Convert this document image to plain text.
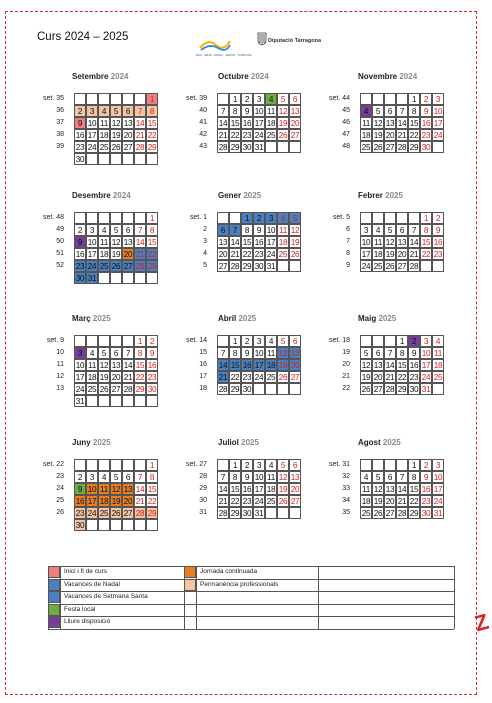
Curs 2024 – 2025
ESC. GRAF. JORDI · JESÚS · TORTOSA
Diputació Tarragona
Setembre 2024
set. 35
36
37
38
39
1
2 3 4 5 6 7 8
9 10 11 12 13 14 15
16 17 18 19 20 21 22
23 24 25 26 27 28 29
30
Octubre 2024
set. 39
40
41
42
43
1 2 3 4 5 6
7 8 9 10 11 12 13
14 15 16 17 18 19 20
21 22 23 24 25 26 27
28 29 30 31
Novembre 2024
set. 44
45
46
47
48
1 2 3
4 5 6 7 8 9 10
11 12 13 14 15 16 17
18 19 20 21 22 23 24
25 26 27 28 29 30
Desembre 2024
set. 48
49
50
51
52
1
2 3 4 5 6 7 8
9 10 11 12 13 14 15
16 17 18 19 20 21 22
23 24 25 26 27 28 29
30 31
Gener 2025
set. 1
2
3
4
5
1 2 3 4 5
6 7 8 9 10 11 12
13 14 15 16 17 18 19
20 21 22 23 24 25 26
27 28 29 30 31
Febrer 2025
set. 5
6
7
8
9
1 2
3 4 5 6 7 8 9
10 11 12 13 14 15 16
17 18 19 20 21 22 23
24 25 26 27 28
Març 2025
set. 9
10
11
12
13
1 2
3 4 5 6 7 8 9
10 11 12 13 14 15 16
17 18 19 20 21 22 23
24 25 26 27 28 29 30
31
Abril 2025
set. 14
15
16
17
18
1 2 3 4 5 6
7 8 9 10 11 12 13
14 15 16 17 18 19 20
21 22 23 24 25 26 27
28 29 30
Maig 2025
set. 18
19
20
21
22
1 2 3 4
5 6 7 8 9 10 11
12 13 14 15 16 17 18
19 20 21 22 23 24 25
26 27 28 29 30 31
Juny 2025
set. 22
23
24
25
26
1
2 3 4 5 6 7 8
9 10 11 12 13 14 15
16 17 18 19 20 21 22
23 24 25 26 27 28 29
30
Juliol 2025
set. 27
28
29
30
31
1 2 3 4 5 6
7 8 9 10 11 12 13
14 15 16 17 18 19 20
21 22 23 24 25 26 27
28 29 30 31
Agost 2025
set. 31
32
33
34
35
1 2 3
4 5 6 7 8 9 10
11 12 13 14 15 16 17
18 19 20 21 22 23 24
25 26 27 28 29 30 31
Inici i fi de curs
Vacances de Nadal
Vacances de Setmana Santa
Festa local
Lliure disposició
Jornada continuada
Permanència professionals
Z
